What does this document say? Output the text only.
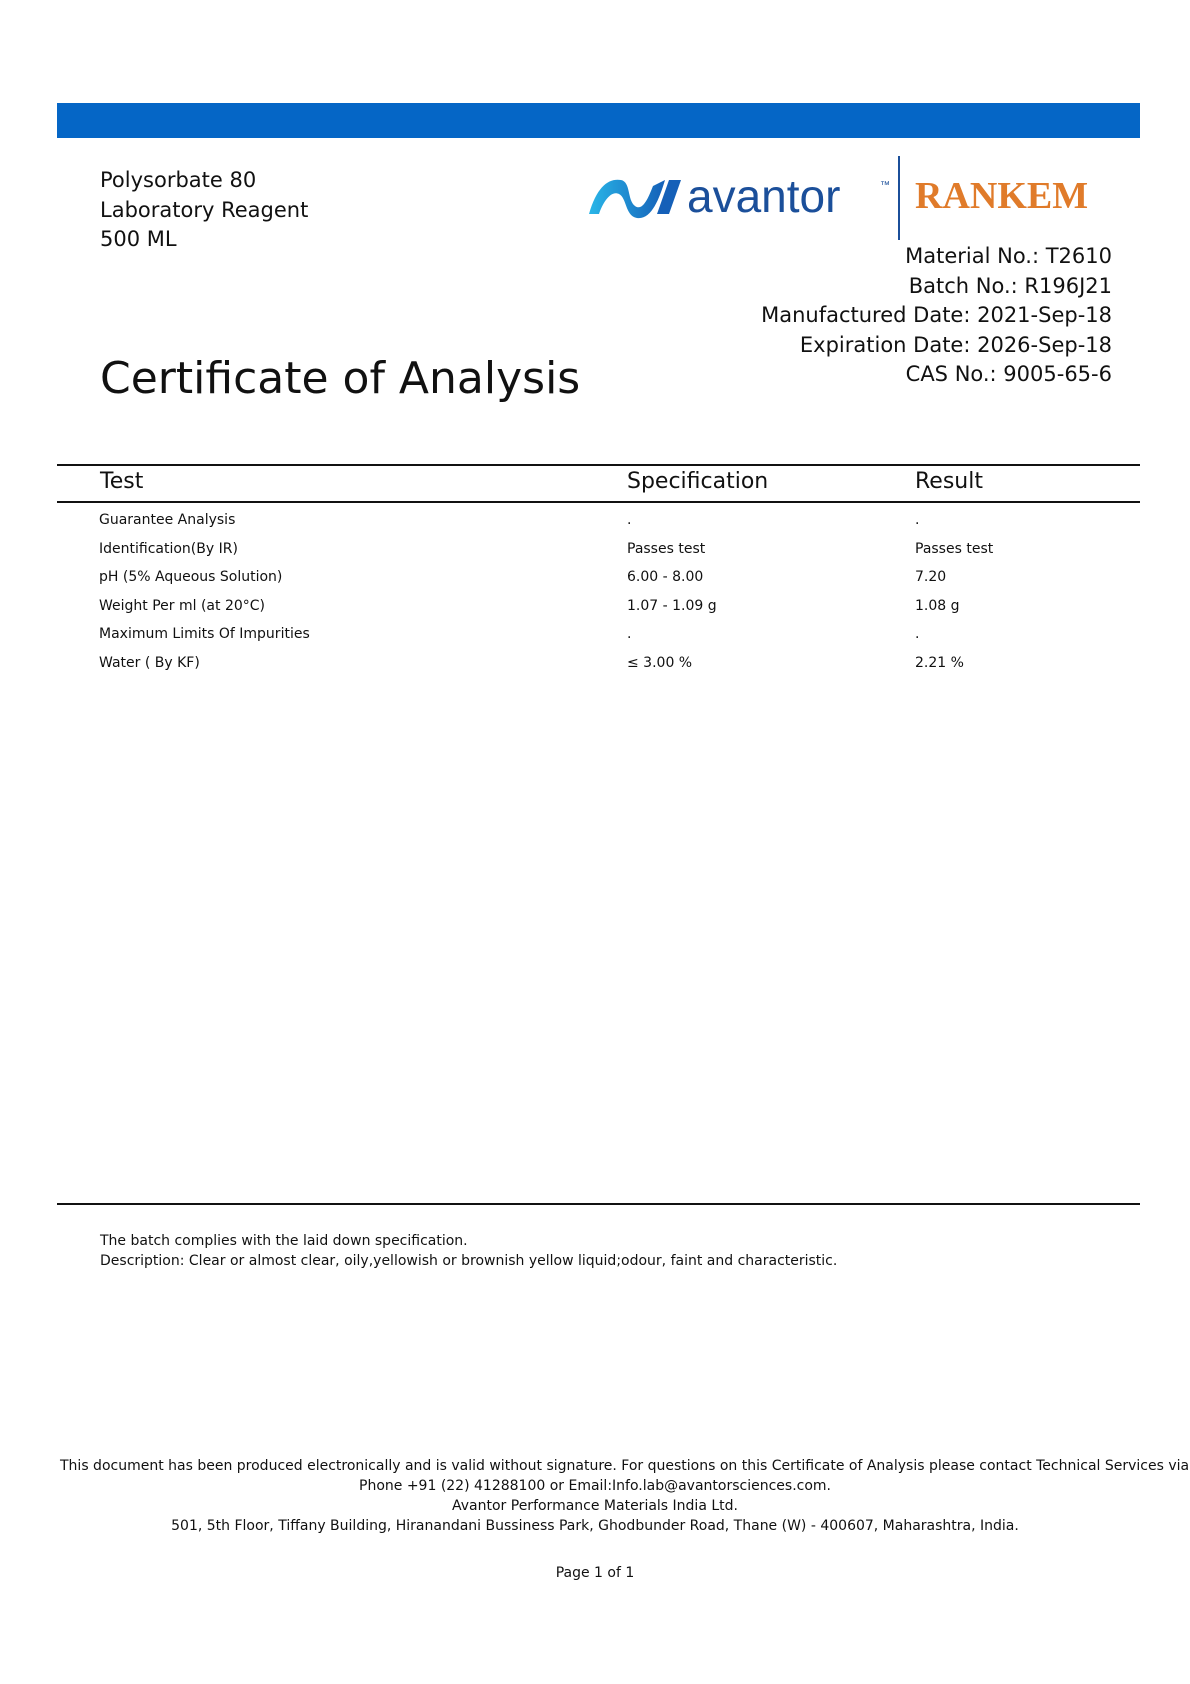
Polysorbate 80
Laboratory Reagent
500 ML
avantor	™ RANKEM
Material No.: T2610
Batch No.: R196J21
Manufactured Date: 2021-Sep-18
Expiration Date: 2026-Sep-18
CAS No.: 9005-65-6
Certificate of Analysis
Test	Specification	Result
Guarantee Analysis	.	.
Identification(By IR)	Passes test	Passes test
pH (5% Aqueous Solution)	6.00 - 8.00	7.20
Weight Per ml (at 20°C)	1.07 - 1.09 g	1.08 g
Maximum Limits Of Impurities	.	.
Water ( By KF)	≤ 3.00 %	2.21 %
The batch complies with the laid down specification.
Description: Clear or almost clear, oily,yellowish or brownish yellow liquid;odour, faint and characteristic.
This document has been produced electronically and is valid without signature. For questions on this Certificate of Analysis please contact Technical Services via
Phone +91 (22) 41288100 or Email:Info.lab@avantorsciences.com.
Avantor Performance Materials India Ltd.
501, 5th Floor, Tiffany Building, Hiranandani Bussiness Park, Ghodbunder Road, Thane (W) - 400607, Maharashtra, India.
Page 1 of 1
